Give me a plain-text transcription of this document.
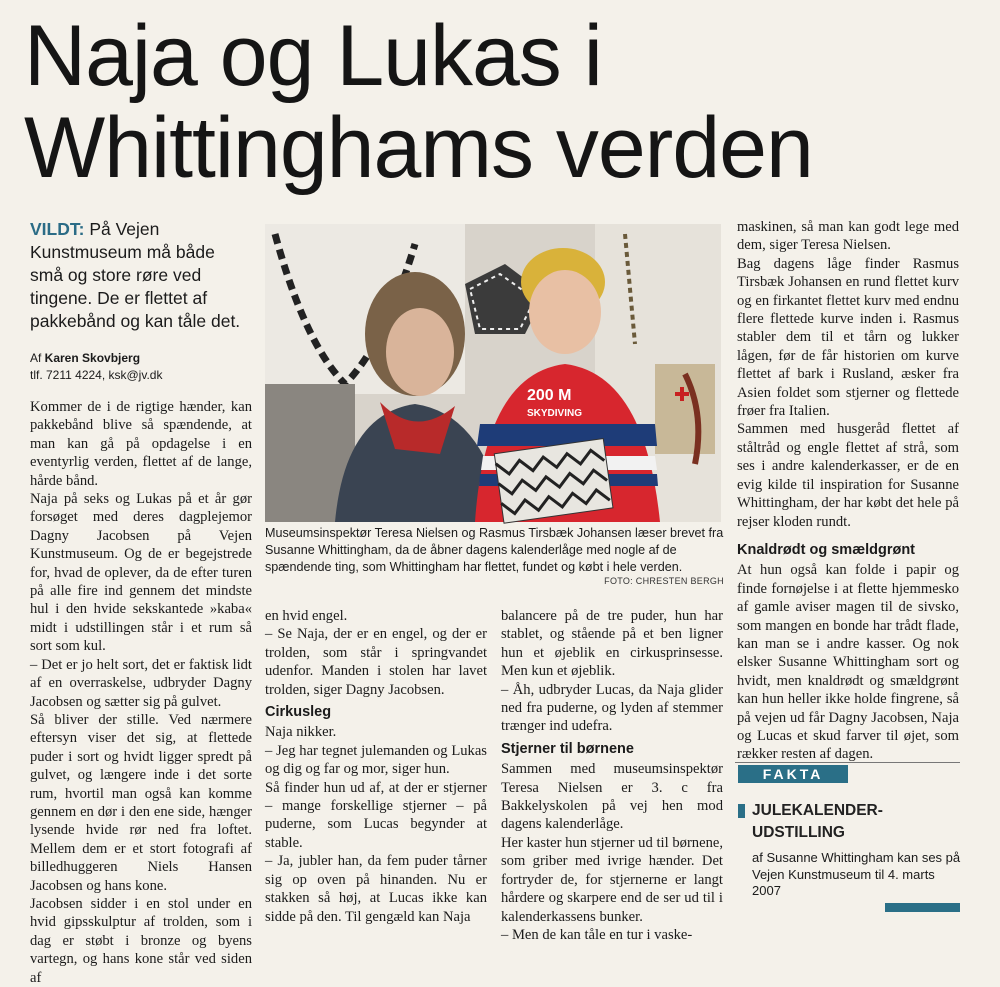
Naja og Lukas i
Whittinghams verden
VILDT: På Vejen Kunstmuseum må både små og store røre ved tingene. De er flettet af pakkebånd og kan tåle det.
Af Karen Skovbjerg
tlf. 7211 4224, ksk@jv.dk

Kommer de i de rigtige hænder, kan pakkebånd blive så spændende, at man kan gå på opdagelse i en eventyrlig verden, flettet af de lange, hårde bånd.

Naja på seks og Lukas på et år gør forsøget med deres dagplejemor Dagny Jacobsen på Vejen Kunstmuseum. Og de er begejstrede for, hvad de oplever, da de efter turen på alle fire ind gennem det mindste hul i den hvide sekskantede »kaba« midt i udstillingen står i et rum så sort som kul.

– Det er jo helt sort, det er faktisk lidt af en overraskelse, udbryder Dagny Jacobsen og sætter sig på gulvet.

Så bliver der stille. Ved nærmere eftersyn viser det sig, at flettede puder i sort og hvidt ligger spredt på gulvet, og længere inde i det sorte rum, hvortil man også kan komme gennem en dør i den ene side, hænger lysende hvide rør ned fra loftet. Mellem dem er et stort fotografi af billedhuggeren Niels Hansen Jacobsen og hans kone.

Jacobsen sidder i en stol under en hvid gipsskulptur af trolden, som i dag er støbt i bronze og byens vartegn, og hans kone står ved siden af

200 M
SKYDIVING
Museumsinspektør Teresa Nielsen og Rasmus Tirsbæk Johansen læser brevet fra Susanne Whittingham, da de åbner dagens kalenderlåge med nogle af de spændende ting, som Whittingham har flettet, fundet og købt i hele verden.
FOTO: CHRESTEN BERGH

en hvid engel.

– Se Naja, der er en engel, og der er trolden, som står i springvandet udenfor. Manden i stolen har lavet trolden, siger Dagny Jacobsen.

Cirkusleg

Naja nikker.

– Jeg har tegnet julemanden og Lukas og dig og far og mor, siger hun.

Så finder hun ud af, at der er stjerner – mange forskellige stjerner – på puderne, som Lucas begynder at stable.

– Ja, jubler han, da fem puder tårner sig op oven på hinanden. Nu er stakken så høj, at Lucas ikke kan sidde på den. Til gengæld kan Naja

balancere på de tre puder, hun har stablet, og stående på et ben ligner hun et øjeblik en cirkusprinsesse. Men kun et øjeblik.

– Åh, udbryder Lucas, da Naja glider ned fra puderne, og lyden af stemmer trænger ind udefra.

Stjerner til børnene

Sammen med museumsinspektør Teresa Nielsen er 3. c fra Bakkelyskolen på vej hen mod dagens kalenderlåge.

Her kaster hun stjerner ud til børnene, som griber med ivrige hænder. Det fortryder de, for stjernerne er langt hårdere og skarpere end de ser ud til i kalenderkassens bunker.

– Men de kan tåle en tur i vaske-

maskinen, så man kan godt lege med dem, siger Teresa Nielsen.

Bag dagens låge finder Rasmus Tirsbæk Johansen en rund flettet kurv og en firkantet flettet kurv med endnu flere flettede kurve inden i. Rasmus stabler dem til et tårn og lukker lågen, før de får historien om kurve flettet af bark i Rusland, æsker fra Asien foldet som stjerner og flettede frøer fra Italien.

Sammen med husgeråd flettet af ståltråd og engle flettet af strå, som ses i andre kalenderkasser, er de en evig kilde til inspiration for Susanne Whittingham, der har købt det hele på rejser kloden rundt.

Knaldrødt og smældgrønt

At hun også kan folde i papir og finde fornøjelse i at flette hjemmesko af gamle aviser magen til de sivsko, som mangen en bonde har trådt flade, kan man se i andre kasser. Og nok elsker Susanne Whittingham sort og hvidt, men knaldrødt og smældgrønt kan hun heller ikke holde fingrene, så på vejen ud får Dagny Jacobsen, Naja og Lucas et skud farver til øjet, som rækker resten af dagen.

FAKTA
JULEKALENDER-
UDSTILLING
af Susanne Whittingham kan ses på Vejen Kunstmuseum til 4. marts 2007
